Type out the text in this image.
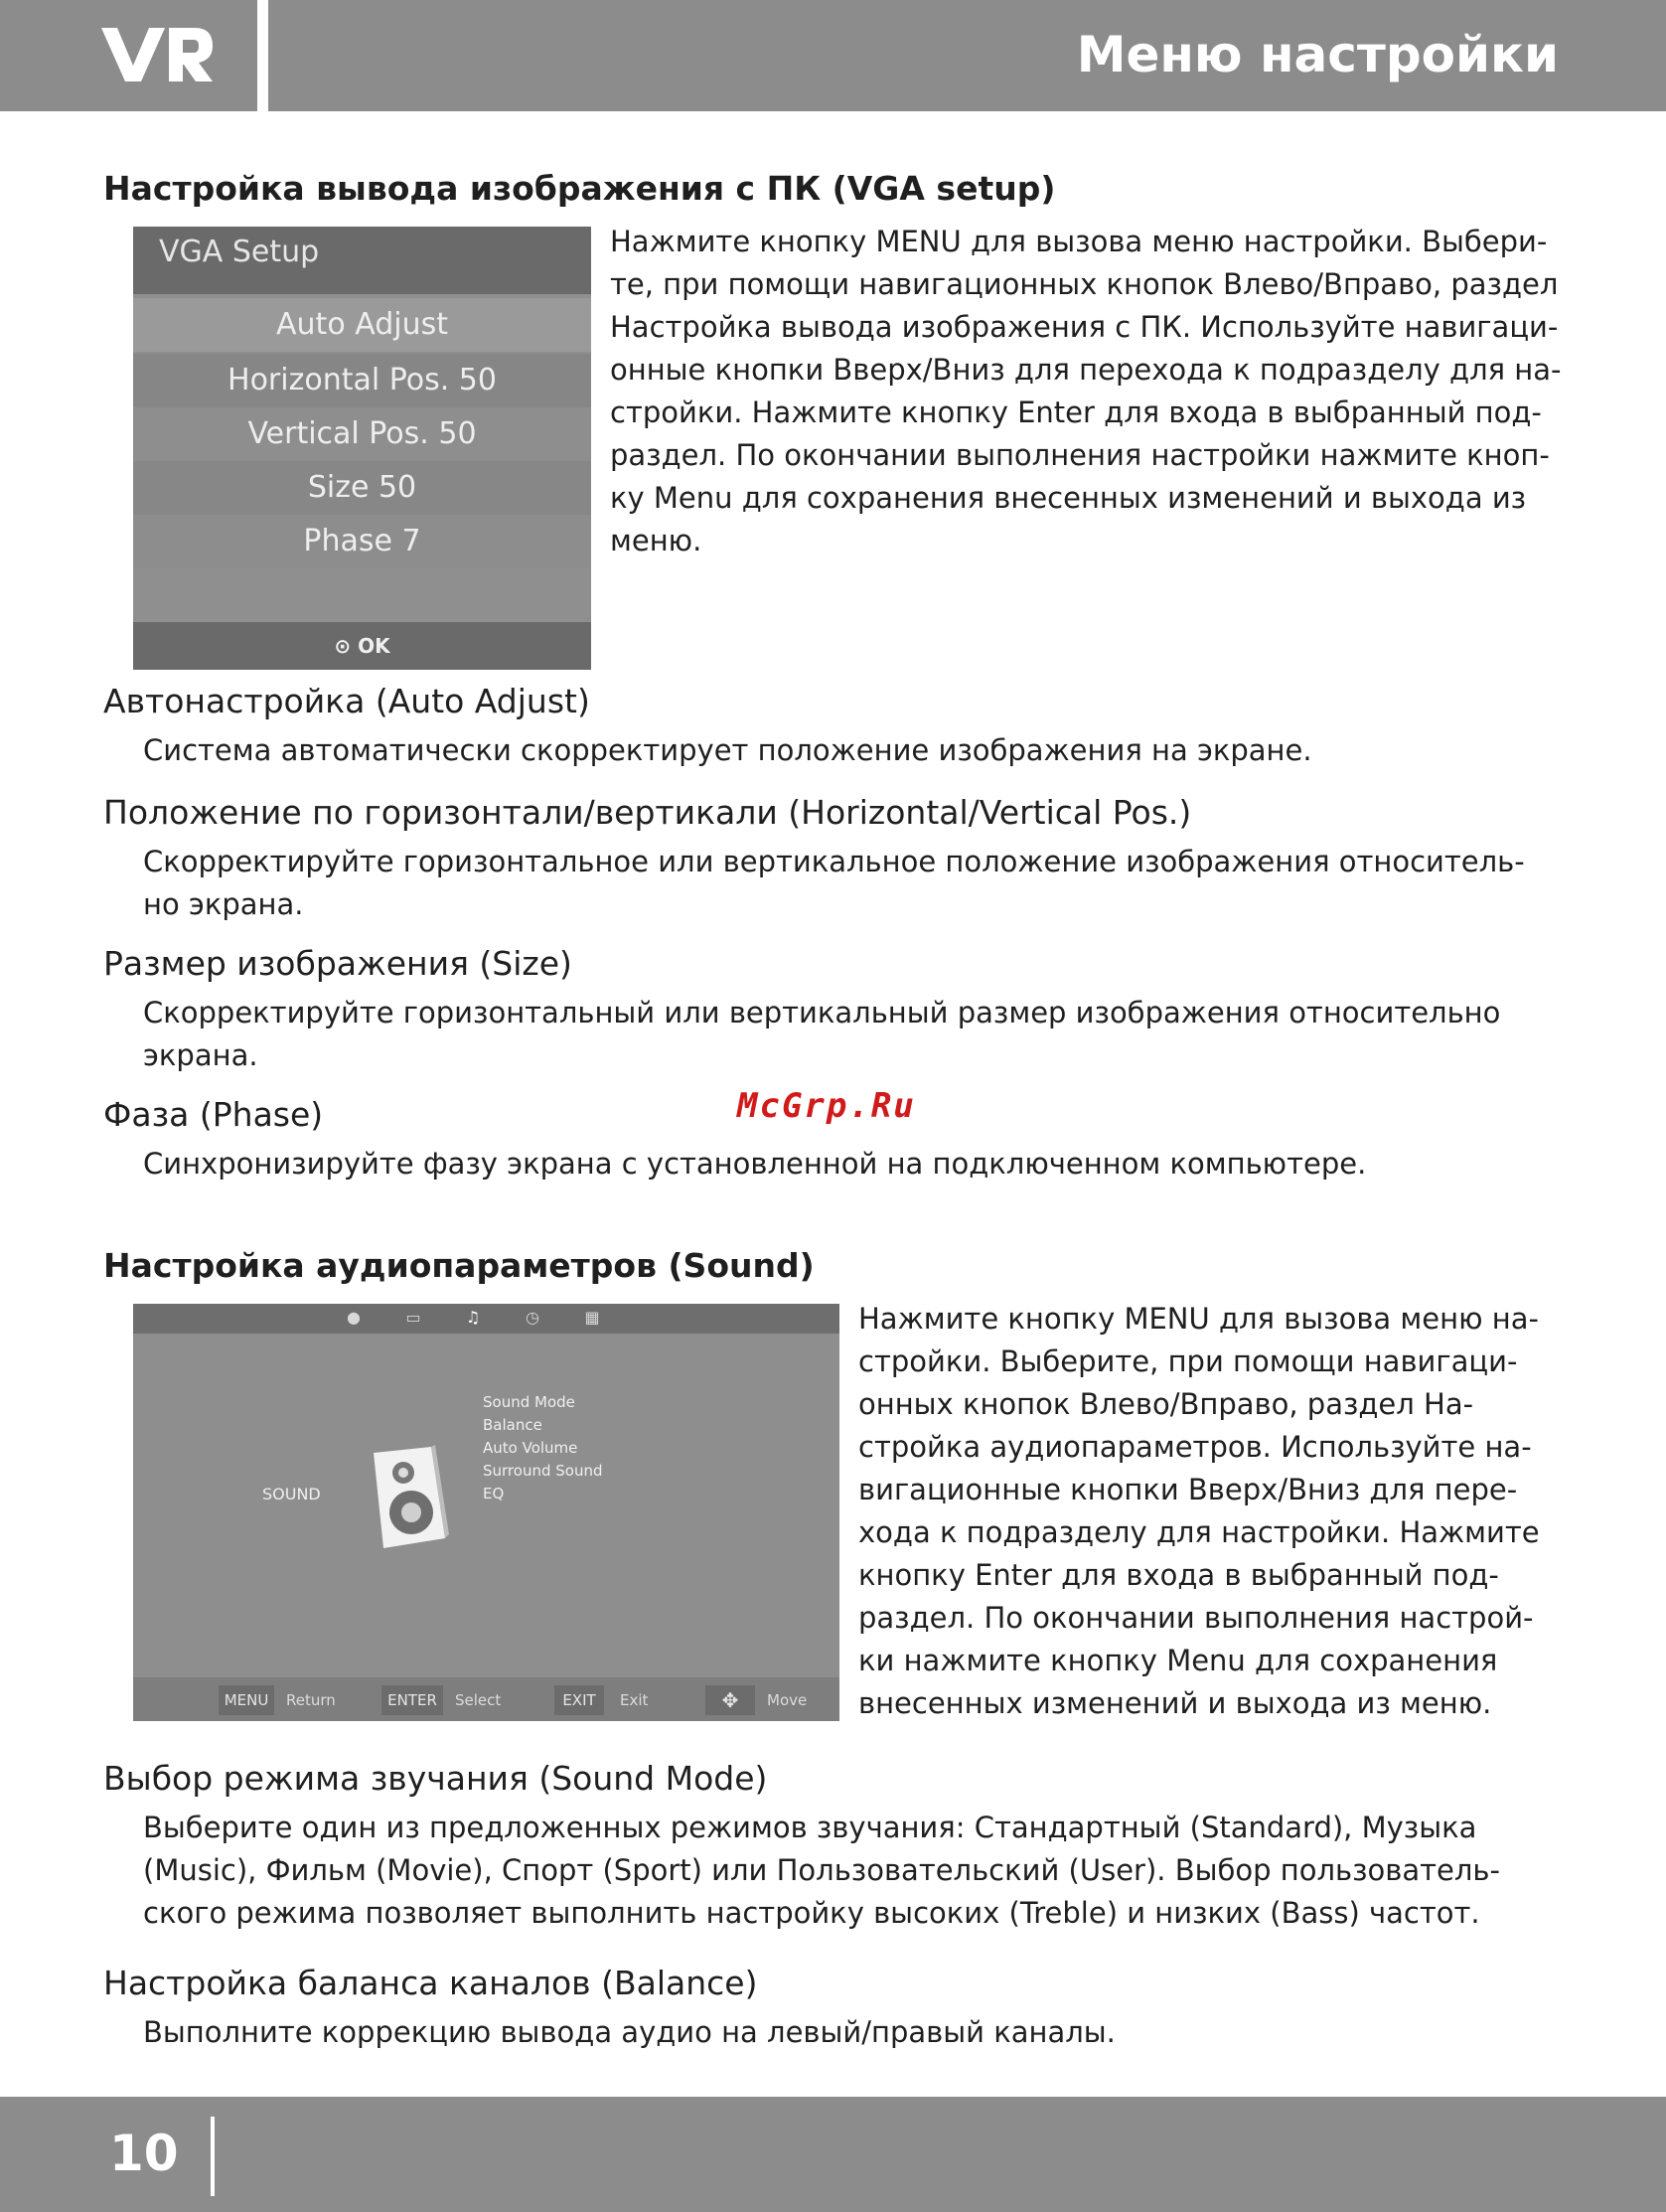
Меню настройки
Настройка вывода изображения с ПК (VGA setup)
VGA Setup
Auto Adjust
Horizontal Pos. 50
Vertical Pos. 50
Size 50
Phase 7
⊙ OK
Нажмите кнопку MENU для вызова меню настройки. Выбери-
те, при помощи навигационных кнопок Влево/Вправо, раздел
Настройка вывода изображения с ПК. Используйте навигаци-
онные кнопки Вверх/Вниз для перехода к подразделу для на-
стройки. Нажмите кнопку Enter для входа в выбранный под-
раздел. По окончании выполнения настройки нажмите кноп-
ку Menu для сохранения внесенных изменений и выхода из
меню.
Автонастройка (Auto Adjust)
Система автоматически скорректирует положение изображения на экране.
Положение по горизонтали/вертикали (Horizontal/Vertical Pos.)
Скорректируйте горизонтальное или вертикальное положение изображения относитель-
но экрана.
Размер изображения (Size)
Скорректируйте горизонтальный или вертикальный размер изображения относительно
экрана.
Фаза (Phase)
Синхронизируйте фазу экрана с установленной на подключенном компьютере.
McGrp.Ru
Настройка аудиопараметров (Sound)
●	▭	♫	◷	▦
SOUND
Sound Mode
Balance
Auto Volume
Surround Sound
EQ
MENU	Return	ENTER	Select	EXIT	Exit	✥	Move
Нажмите кнопку MENU для вызова меню на-
стройки. Выберите, при помощи навигаци-
онных кнопок Влево/Вправо, раздел На-
стройка аудиопараметров. Используйте на-
вигационные кнопки Вверх/Вниз для пере-
хода к подразделу для настройки. Нажмите
кнопку Enter для входа в выбранный под-
раздел. По окончании выполнения настрой-
ки нажмите кнопку Menu для сохранения
внесенных изменений и выхода из меню.
Выбор режима звучания (Sound Mode)
Выберите один из предложенных режимов звучания: Стандартный (Standard), Музыка
(Music), Фильм (Movie), Спорт (Sport) или Пользовательский (User). Выбор пользователь-
ского режима позволяет выполнить настройку высоких (Treble) и низких (Bass) частот.
Настройка баланса каналов (Balance)
Выполните коррекцию вывода аудио на левый/правый каналы.
10
